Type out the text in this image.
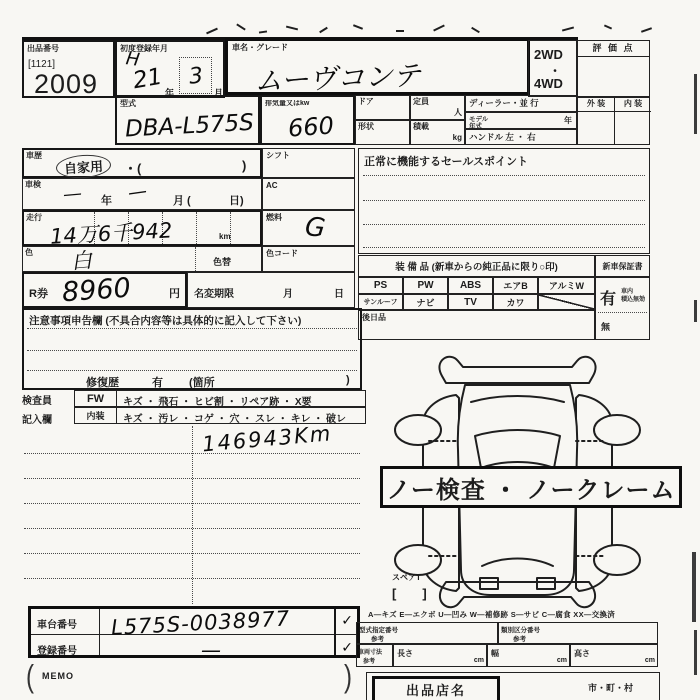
出品番号
[1121]
2009
初度登録年月
H
21 年
3
月
車名・グレード
ムーヴコンテ
2WD
・
4WD
評 価 点
型式
DBA-L575S
排気量又はkw
660
ドア	定員
人
ディーラー・並 行
形状	積載
kg
モデル
年式
年
ハンドル 左 ・ 右
外 装 内 装
車歴
自家用	・(	)
シフト
車検 — 年 — 月 (	日)
AC
走行
14万6千942	km
燃料 G
色 白	色替
色コード
R券 8960	円 名変期限	月	日
正常に機能するセールスポイント
装 備 品 (新車からの純正品に限り○印)	新車保証書
PS	PW	ABS エアB アルミW
サンルーフ ナビ	TV	カワ
後日品
有 車内
積込無効
無
注意事項申告欄 (不具合内容等は具体的に記入して下さい)
修復歴	有 (箇所	)
検査員
記入欄
FW キズ ・ 飛石 ・ ヒビ割 ・ リペア跡 ・ X要
内装 キズ ・ 汚レ ・ コゲ ・ 穴 ・ スレ ・ キレ ・ 破レ
146943Km
ノー検査 ・ ノークレーム
スペアT
[　　]
車台番号 L575S-0038977	✓
登録番号	—	✓
A—キズ E—エクボ U—凹み W—補修跡 S—サビ C—腐食 XX—交換済
型式指定番号
参考
類別区分番号
参考
車両寸法
参考
長さ
cm
幅
cm
高さ
cm
( MEMO	)	出品店名	市・町・村
